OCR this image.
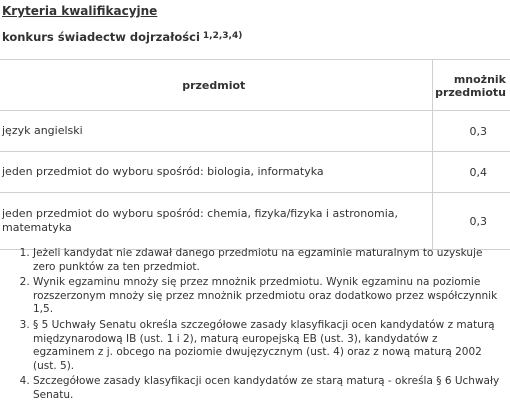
Kryteria kwalifikacyjne
konkurs świadectw dojrzałości $^{1,2,3,4)}$
przedmiot	mnożnik przedmiotu
język angielski	0,3
jeden przedmiot do wyboru spośród: biologia, informatyka	0,4
jeden przedmiot do wyboru spośród: chemia, fizyka/fizyka i astronomia, matematyka	0,3
1. Jeżeli kandydat nie zdawał danego przedmiotu na egzaminie maturalnym to uzyskuje zero punktów za ten przedmiot.
2. Wynik egzaminu mnoży się przez mnożnik przedmiotu. Wynik egzaminu na poziomie rozszerzonym mnoży się przez mnożnik przedmiotu oraz dodatkowo przez współczynnik 1,5.
3. § 5 Uchwały Senatu określa szczegółowe zasady klasyfikacji ocen kandydatów z maturą międzynarodową IB (ust. 1 i 2), maturą europejską EB (ust. 3), kandydatów z egzaminem z j. obcego na poziomie dwujęzycznym (ust. 4) oraz z nową maturą 2002 (ust. 5).
4. Szczegółowe zasady klasyfikacji ocen kandydatów ze starą maturą - określa § 6 Uchwały Senatu.
